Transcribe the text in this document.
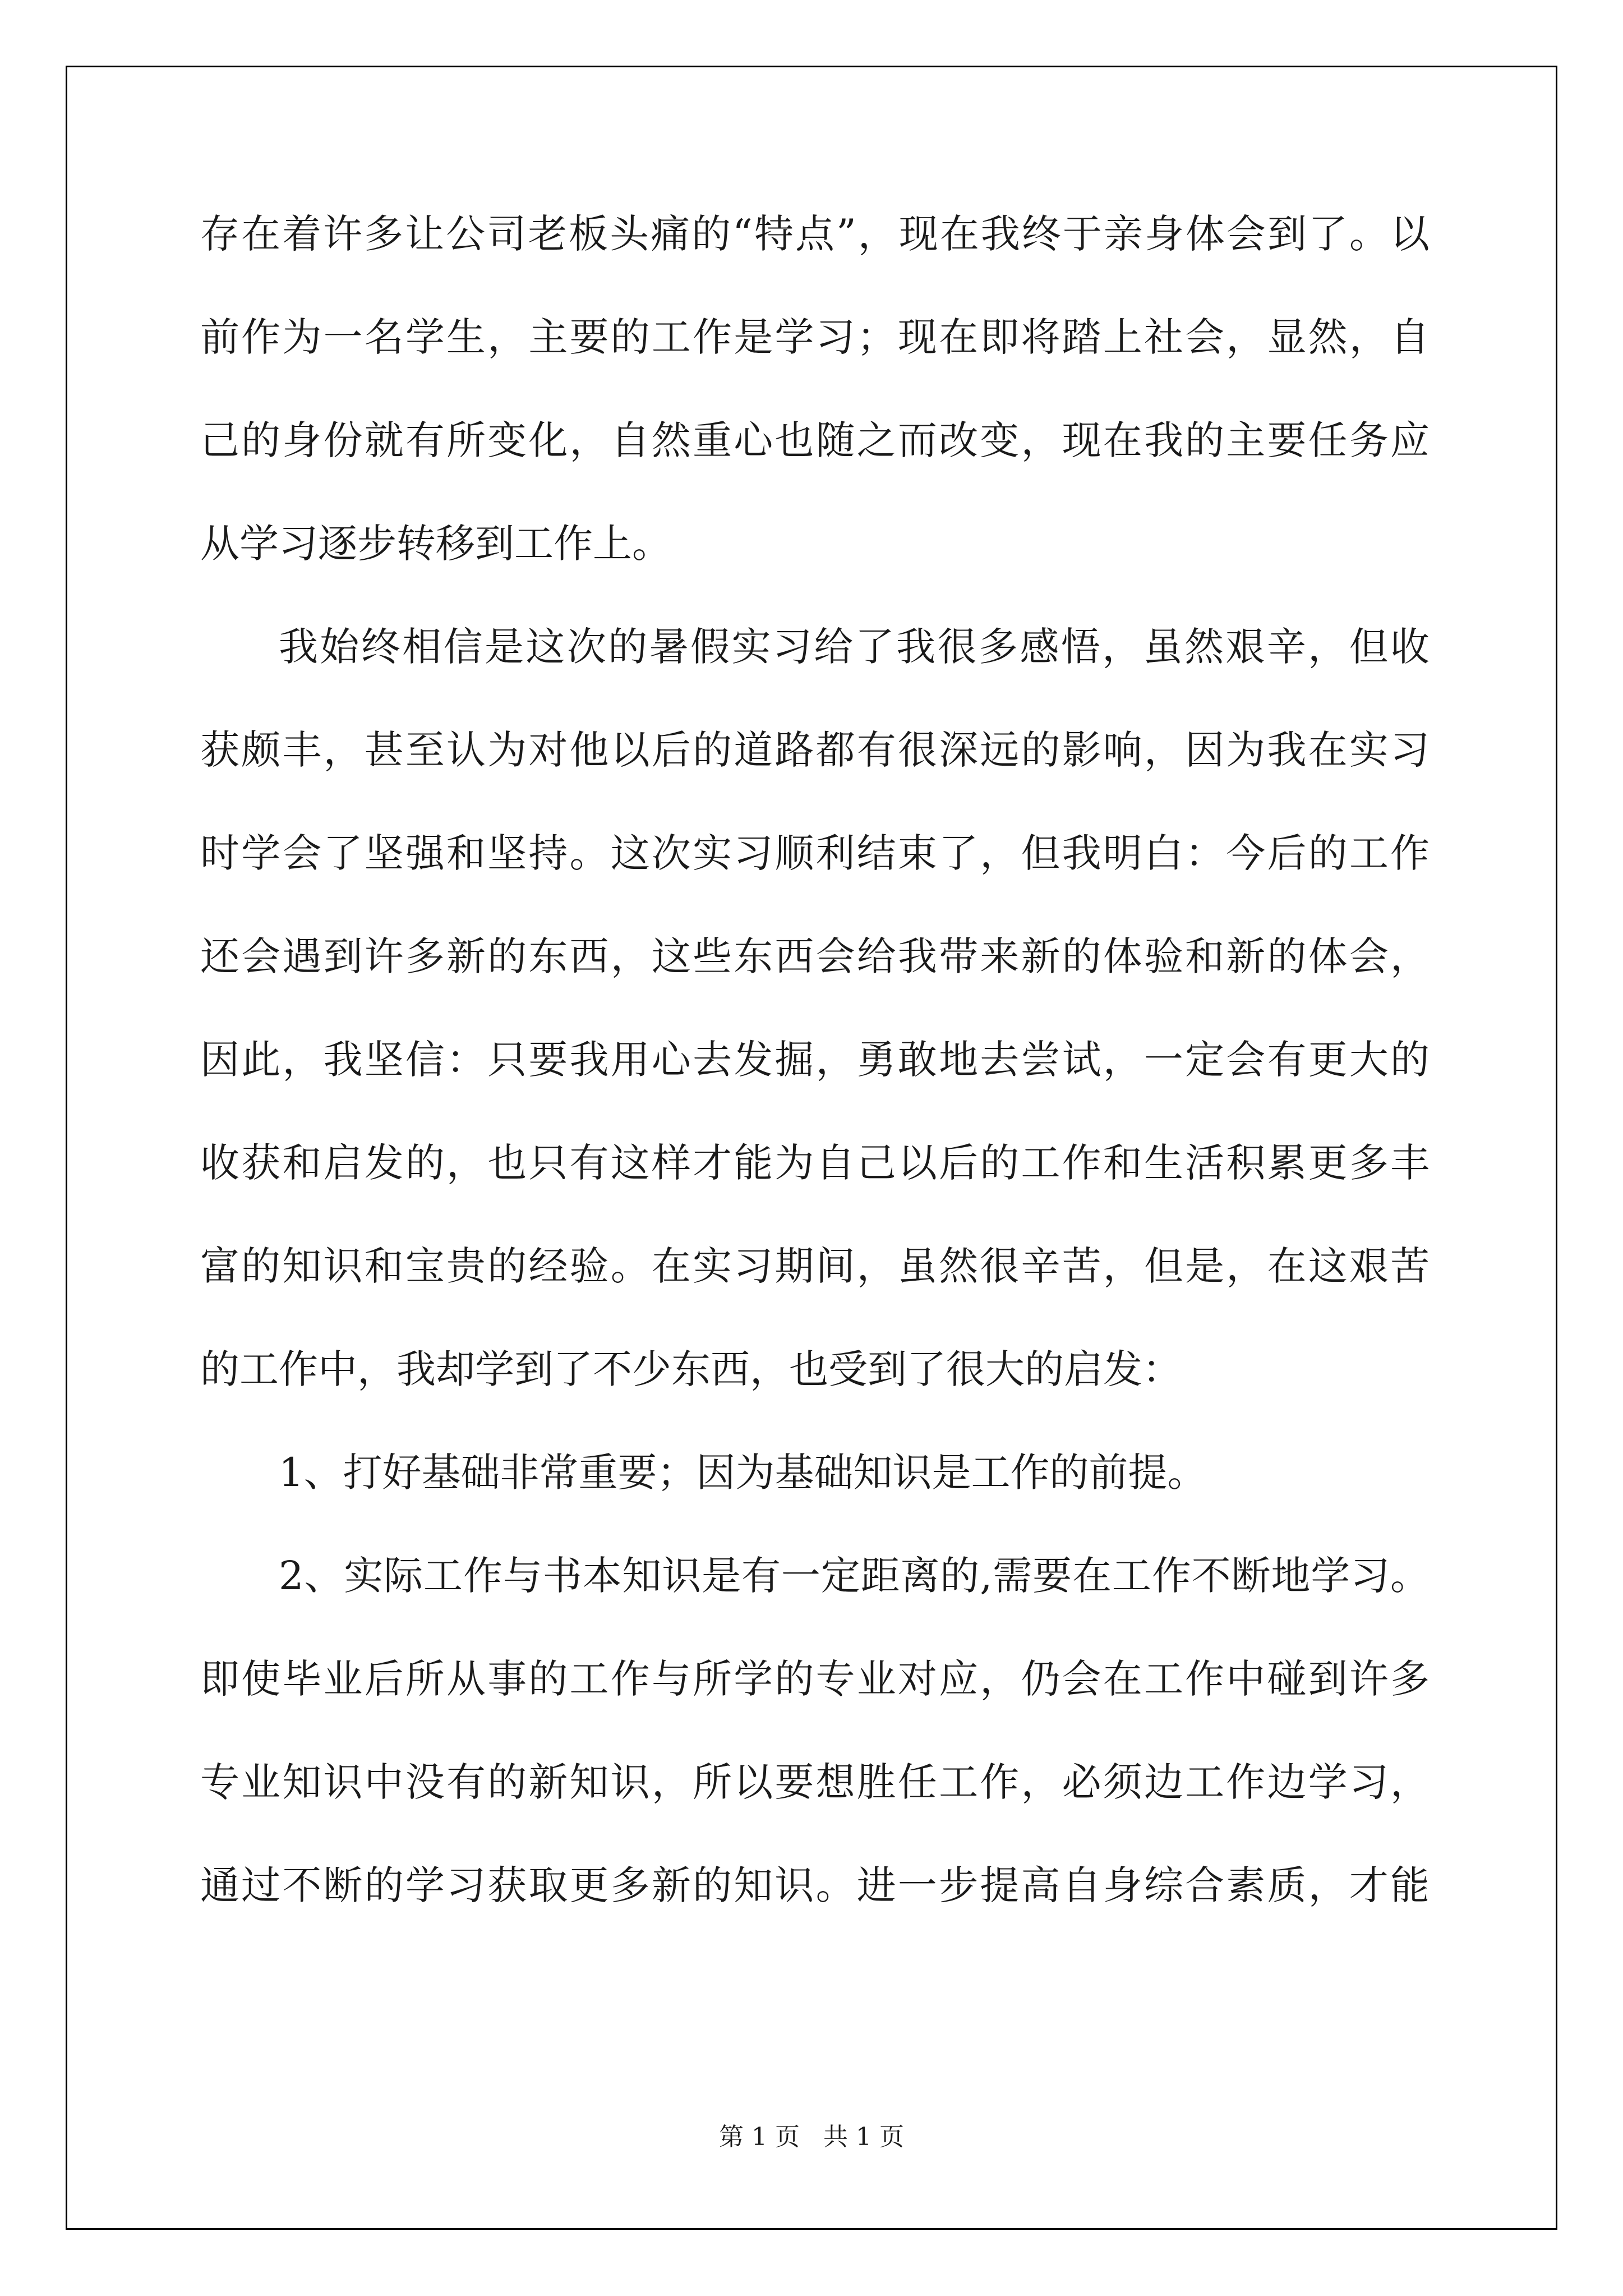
存在着许多让公司老板头痛的“特点”，现在我终于亲身体会到了。以
前作为一名学生，主要的工作是学习；现在即将踏上社会，显然，自
己的身份就有所变化，自然重心也随之而改变，现在我的主要任务应
从学习逐步转移到工作上。
我始终相信是这次的暑假实习给了我很多感悟，虽然艰辛，但收
获颇丰，甚至认为对他以后的道路都有很深远的影响，因为我在实习
时学会了坚强和坚持。这次实习顺利结束了，但我明白：今后的工作
还会遇到许多新的东西，这些东西会给我带来新的体验和新的体会，
因此，我坚信：只要我用心去发掘，勇敢地去尝试，一定会有更大的
收获和启发的，也只有这样才能为自己以后的工作和生活积累更多丰
富的知识和宝贵的经验。在实习期间，虽然很辛苦，但是，在这艰苦
的工作中，我却学到了不少东西，也受到了很大的启发：
1、打好基础非常重要；因为基础知识是工作的前提。
2、实际工作与书本知识是有一定距离的,需要在工作不断地学习。
即使毕业后所从事的工作与所学的专业对应，仍会在工作中碰到许多
专业知识中没有的新知识，所以要想胜任工作，必须边工作边学习，
通过不断的学习获取更多新的知识。进一步提高自身综合素质，才能
第 1 页 共 1 页
